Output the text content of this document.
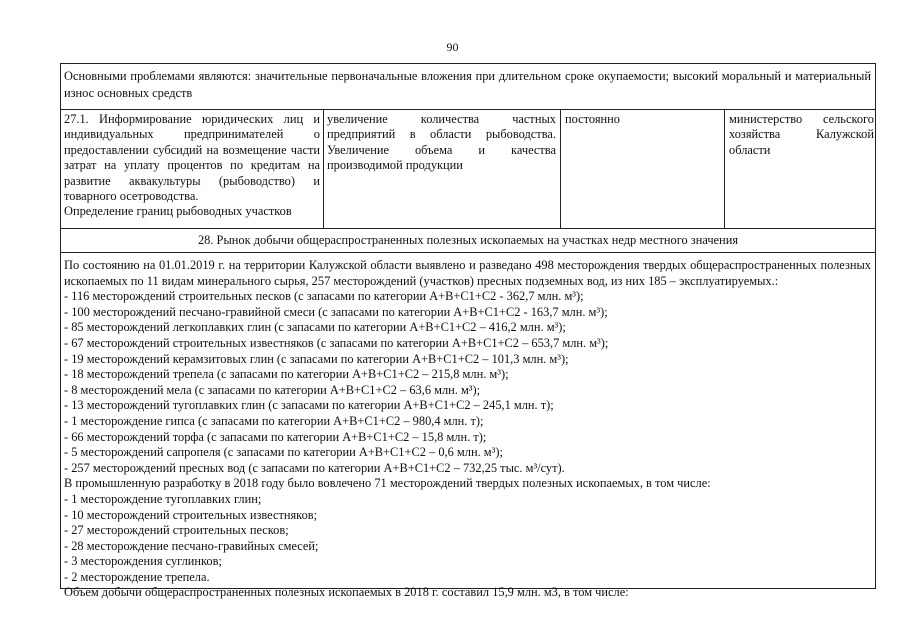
90

Основными проблемами являются: значительные первоначальные вложения при длительном сроке окупаемости; высокий моральный и материальный износ основных средств

27.1. Информирование юридических лиц и индивидуальных предпринимателей о предоставлении субсидий на возмещение части затрат на уплату процентов по кредитам на развитие аквакультуры (рыбоводство) и товарного осетроводства.

Определение границ рыбоводных участков

увеличение количества частных предприятий в области рыбоводства. Увеличение объема и качества производимой продукции

постоянно	министерство сельского хозяйства Калужской области

28. Рынок добычи общераспространенных полезных ископаемых на участках недр местного значения

По состоянию на 01.01.2019 г. на территории Калужской области выявлено и разведано 498 месторождения твердых общераспространенных полезных ископаемых по 11 видам минерального сырья, 257 месторождений (участков) пресных подземных вод, из них 185 – эксплуатируемых.:

- 116 месторождений строительных песков (с запасами по категории А+В+С1+С2 - 362,7 млн. м³);
- 100 месторождений песчано-гравийной смеси (с запасами по категории А+В+С1+С2 - 163,7 млн. м³);
- 85 месторождений легкоплавких глин (с запасами по категории А+В+С1+С2 – 416,2 млн. м³);
- 67 месторождений строительных известняков (с запасами по категории А+В+С1+С2 – 653,7 млн. м³);
- 19 месторождений керамзитовых глин (с запасами по категории А+В+С1+С2 – 101,3 млн. м³);
- 18 месторождений трепела (с запасами по категории А+В+С1+С2 – 215,8 млн. м³);
- 8 месторождений мела (с запасами по категории А+В+С1+С2 – 63,6 млн. м³);
- 13 месторождений тугоплавких глин (с запасами по категории А+В+С1+С2 – 245,1 млн. т);
- 1 месторождение гипса (с запасами по категории А+В+С1+С2 – 980,4 млн. т);
- 66 месторождений торфа (с запасами по категории А+В+С1+С2 – 15,8 млн. т);
- 5 месторождений сапропеля (с запасами по категории А+В+С1+С2 – 0,6 млн. м³);
- 257 месторождений пресных вод (с запасами по категории А+В+С1+С2 – 732,25 тыс. м³/сут).

В промышленную разработку в 2018 году было вовлечено 71 месторождений твердых полезных ископаемых, в том числе:

- 1 месторождение тугоплавких глин;
- 10 месторождений строительных известняков;
- 27 месторождений строительных песков;
- 28 месторождение песчано-гравийных смесей;
- 3 месторождения суглинков;
- 2 месторождение трепела.

Объем добычи общераспространенных полезных ископаемых в 2018 г. составил 15,9 млн. м3, в том числе:
